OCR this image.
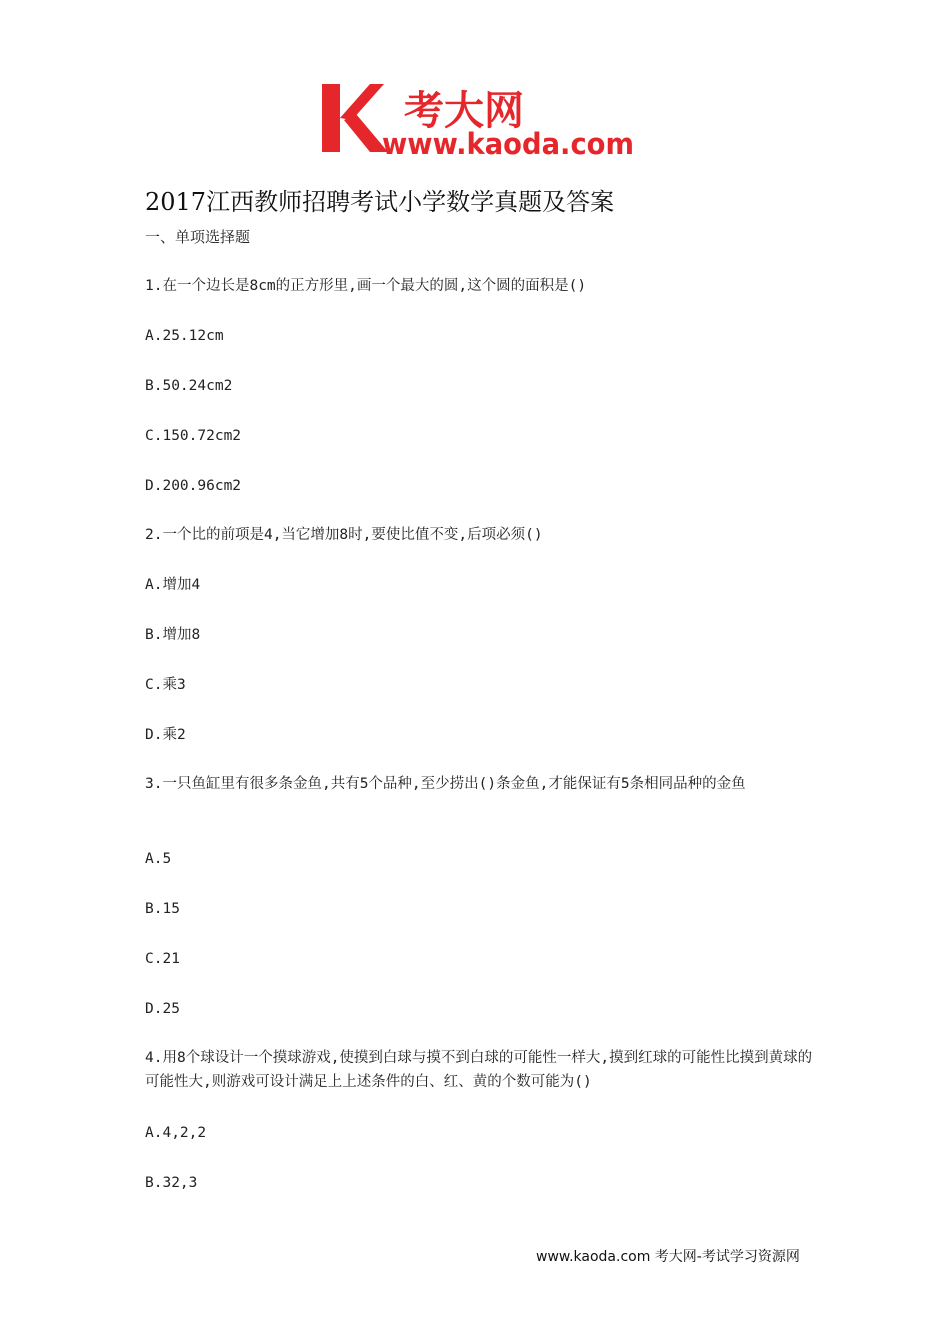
考大网
www.kaoda.com
2017江西教师招聘考试小学数学真题及答案
一、单项选择题
1.在一个边长是8cm的正方形里,画一个最大的圆,这个圆的面积是()
A.25.12cm
B.50.24cm2
C.150.72cm2
D.200.96cm2
2.一个比的前项是4,当它增加8时,要使比值不变,后项必须()
A.增加4
B.增加8
C.乘3
D.乘2
3.一只鱼缸里有很多条金鱼,共有5个品种,至少捞出()条金鱼,才能保证有5条相同品种的金鱼
A.5
B.15
C.21
D.25
4.用8个球设计一个摸球游戏,使摸到白球与摸不到白球的可能性一样大,摸到红球的可能性比摸到黄球的可能性大,则游戏可设计满足上上述条件的白、红、黄的个数可能为()
A.4,2,2
B.32,3
www.kaoda.com 考大网-考试学习资源网
